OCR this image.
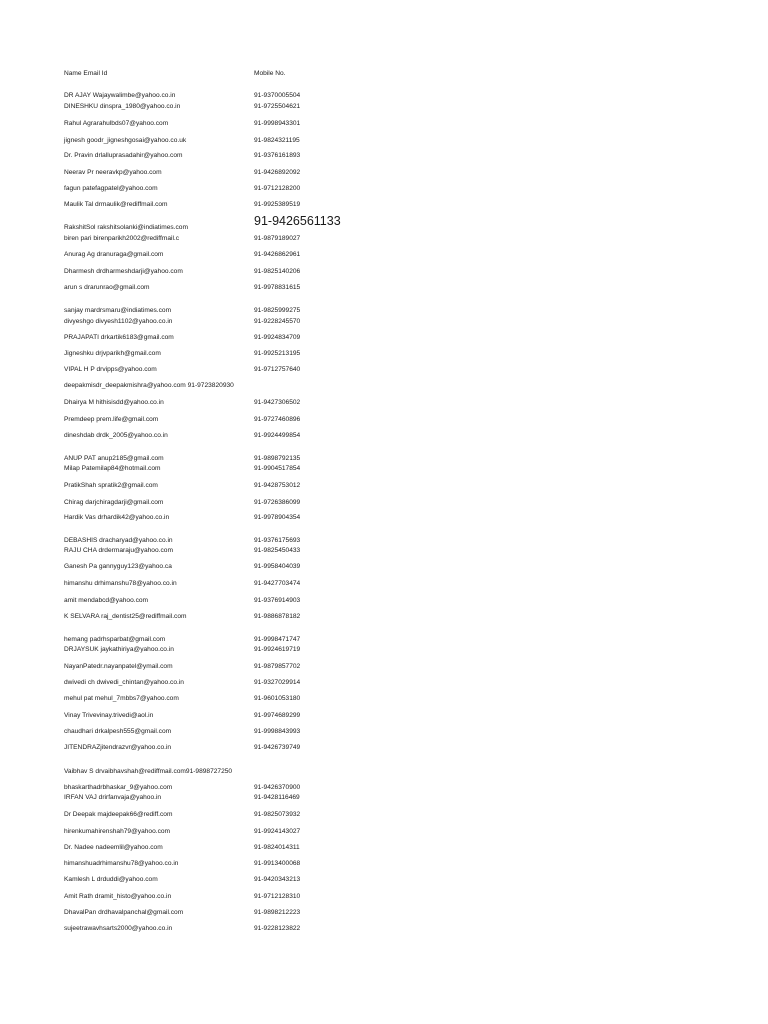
Name Email Id	Mobile No.
DR AJAY Wajaywalimbe@yahoo.co.in	91-9370005504
DINESHKU dinspra_1980@yahoo.co.in	91-9725504621
Rahul Agrarahulbds07@yahoo.com	91-9998943301
jignesh goodr_jigneshgosai@yahoo.co.uk	91-9824321195
Dr. Pravin drlalluprasadahir@yahoo.com	91-9376161893
Neerav Pr neeravkp@yahoo.com	91-9426892092
fagun patefagpatel@yahoo.com	91-9712128200
Maulik Tal drmaulik@rediffmail.com	91-9925389519
RakshitSol rakshitsolanki@indiatimes.com	91-9426561133
biren pari birenparikh2002@rediffmail.c	91-9879189027
Anurag Ag dranuraga@gmail.com	91-9426862961
Dharmesh drdharmeshdarji@yahoo.com	91-9825140206
arun s drarunrao@gmail.com	91-9978831615
sanjay mardrsmaru@indiatimes.com	91-9825999275
divyeshgo divyesh1102@yahoo.co.in	91-9228245570
PRAJAPATI drkartik6183@gmail.com	91-9924834709
Jigneshku drjvparikh@gmail.com	91-9925213195
VIPAL H P drvipps@yahoo.com	91-9712757640
deepakmisdr_deepakmishra@yahoo.com 91-9723820930
Dhairya M hithisisdd@yahoo.co.in	91-9427306502
Premdeep prem.life@gmail.com	91-9727460896
dineshdab drdk_2005@yahoo.co.in	91-9924499854
ANUP PAT anup2185@gmail.com	91-9898792135
Milap Patemilap84@hotmail.com	91-9904517854
PratikShah spratik2@gmail.com	91-9428753012
Chirag darjchiragdarji@gmail.com	91-9726386099
Hardik Vas drhardik42@yahoo.co.in	91-9978904354
DEBASHIS dracharyad@yahoo.co.in	91-9376175693
RAJU CHA drdermaraju@yahoo.com	91-9825450433
Ganesh Pa gannyguy123@yahoo.ca	91-9958404039
himanshu drhimanshu78@yahoo.co.in	91-9427703474
amit mendabcd@yahoo.com	91-9376914903
K SELVARA raj_dentist25@rediffmail.com	91-9886878182
hemang padrhsparbat@gmail.com	91-9998471747
DRJAYSUK jaykathiriya@yahoo.co.in	91-9924619719
NayanPatedr.nayanpatel@ymail.com	91-9879857702
dwivedi ch dwivedi_chintan@yahoo.co.in	91-9327029914
mehul pat mehul_7mbbs7@yahoo.com	91-9601053180
Vinay Trivevinay.trivedi@aol.in	91-9974689299
chaudhari drkalpesh555@gmail.com	91-9998843993
JITENDRAZjitendrazvr@yahoo.co.in	91-9426739749
Vaibhav S drvaibhavshah@rediffmail.com91-9898727250
bhaskarthadrbhaskar_9@yahoo.com	91-9426370900
IRFAN VAJ drirfanvaja@yahoo.in	91-9428116469
Dr Deepak majdeepak66@rediff.com	91-9825073932
hirenkumahirenshah79@yahoo.com	91-9924143027
Dr. Nadee nadeemlil@yahoo.com	91-9824014311
himanshuadrhimanshu78@yahoo.co.in	91-9913400068
Kamlesh L drduddi@yahoo.com	91-9420343213
Amit Rath dramit_histo@yahoo.co.in	91-9712128310
DhavalPan drdhavalpanchal@gmail.com	91-9898212223
sujeetrawavhsarts2000@yahoo.co.in	91-9228123822
